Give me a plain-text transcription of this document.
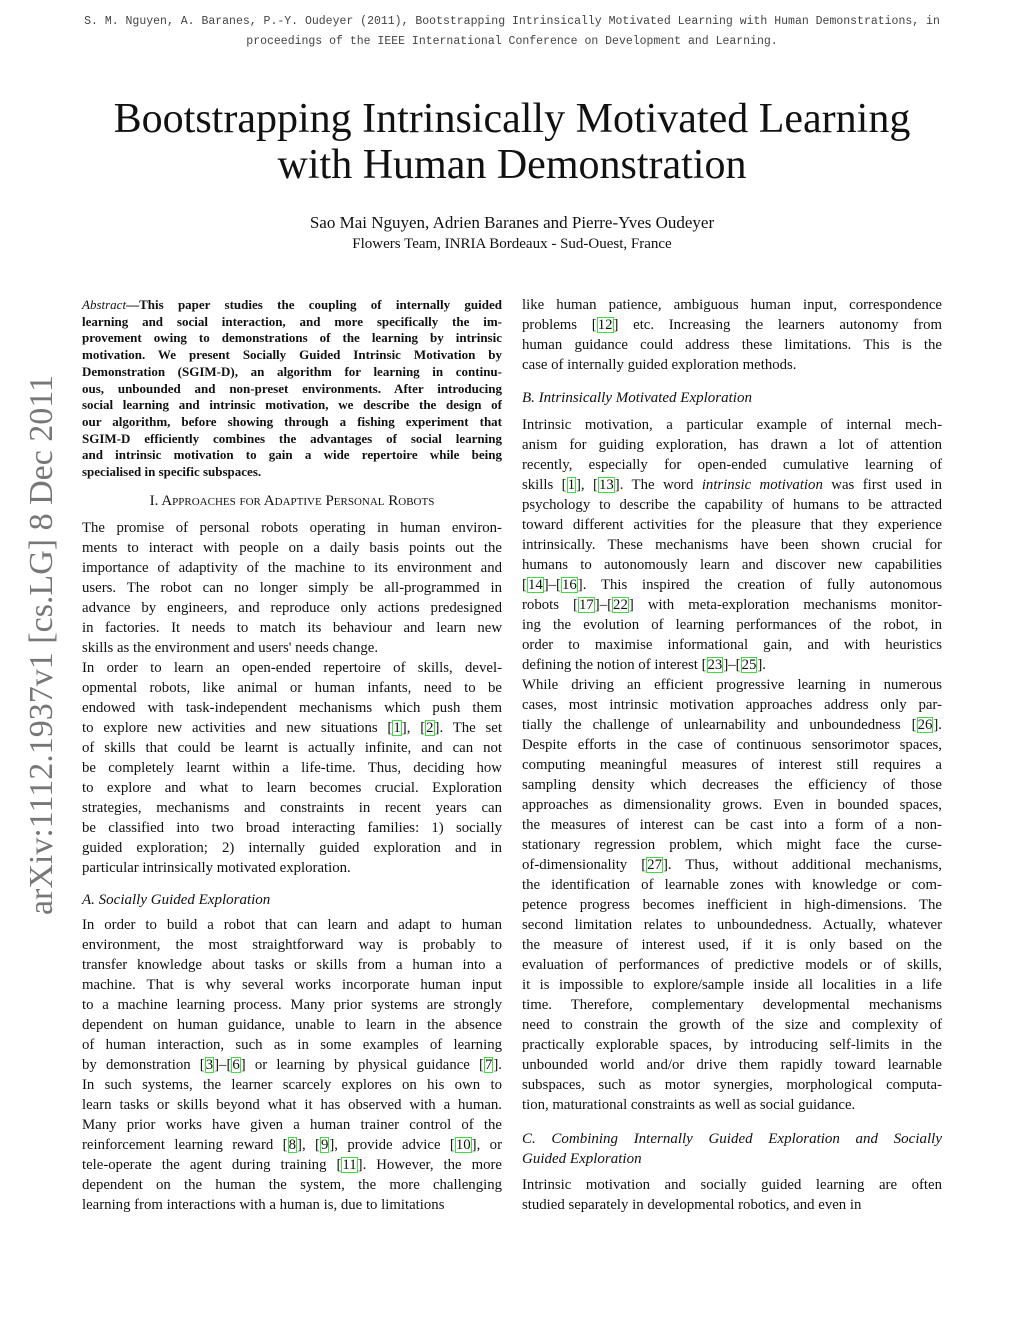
S. M. Nguyen, A. Baranes, P.-Y. Oudeyer (2011), Bootstrapping Intrinsically Motivated Learning with Human Demonstrations, in
proceedings of the IEEE International Conference on Development and Learning.
Bootstrapping Intrinsically Motivated Learning
with Human Demonstration
Sao Mai Nguyen, Adrien Baranes and Pierre-Yves Oudeyer
Flowers Team, INRIA Bordeaux - Sud-Ouest, France
arXiv:1112.1937v1 [cs.LG] 8 Dec 2011
Abstract—This paper studies the coupling of internally guided
learning and social interaction, and more specifically the im-
provement owing to demonstrations of the learning by intrinsic
motivation. We present Socially Guided Intrinsic Motivation by
Demonstration (SGIM-D), an algorithm for learning in continu-
ous, unbounded and non-preset environments. After introducing
social learning and intrinsic motivation, we describe the design of
our algorithm, before showing through a fishing experiment that
SGIM-D efficiently combines the advantages of social learning
and intrinsic motivation to gain a wide repertoire while being
specialised in specific subspaces.
I. Approaches for Adaptive Personal Robots
The promise of personal robots operating in human environ-
ments to interact with people on a daily basis points out the
importance of adaptivity of the machine to its environment and
users. The robot can no longer simply be all-programmed in
advance by engineers, and reproduce only actions predesigned
in factories. It needs to match its behaviour and learn new
skills as the environment and users' needs change.
In order to learn an open-ended repertoire of skills, devel-
opmental robots, like animal or human infants, need to be
endowed with task-independent mechanisms which push them
to explore new activities and new situations [1], [2]. The set
of skills that could be learnt is actually infinite, and can not
be completely learnt within a life-time. Thus, deciding how
to explore and what to learn becomes crucial. Exploration
strategies, mechanisms and constraints in recent years can
be classified into two broad interacting families: 1) socially
guided exploration; 2) internally guided exploration and in
particular intrinsically motivated exploration.
A. Socially Guided Exploration
In order to build a robot that can learn and adapt to human
environment, the most straightforward way is probably to
transfer knowledge about tasks or skills from a human into a
machine. That is why several works incorporate human input
to a machine learning process. Many prior systems are strongly
dependent on human guidance, unable to learn in the absence
of human interaction, such as in some examples of learning
by demonstration [3]–[6] or learning by physical guidance [7].
In such systems, the learner scarcely explores on his own to
learn tasks or skills beyond what it has observed with a human.
Many prior works have given a human trainer control of the
reinforcement learning reward [8], [9], provide advice [10], or
tele-operate the agent during training [11]. However, the more
dependent on the human the system, the more challenging
learning from interactions with a human is, due to limitations
like human patience, ambiguous human input, correspondence
problems [12] etc. Increasing the learners autonomy from
human guidance could address these limitations. This is the
case of internally guided exploration methods.
B. Intrinsically Motivated Exploration
Intrinsic motivation, a particular example of internal mech-
anism for guiding exploration, has drawn a lot of attention
recently, especially for open-ended cumulative learning of
skills [1], [13]. The word intrinsic motivation was first used in
psychology to describe the capability of humans to be attracted
toward different activities for the pleasure that they experience
intrinsically. These mechanisms have been shown crucial for
humans to autonomously learn and discover new capabilities
[14]–[16]. This inspired the creation of fully autonomous
robots [17]–[22] with meta-exploration mechanisms monitor-
ing the evolution of learning performances of the robot, in
order to maximise informational gain, and with heuristics
defining the notion of interest [23]–[25].
While driving an efficient progressive learning in numerous
cases, most intrinsic motivation approaches address only par-
tially the challenge of unlearnability and unboundedness [26].
Despite efforts in the case of continuous sensorimotor spaces,
computing meaningful measures of interest still requires a
sampling density which decreases the efficiency of those
approaches as dimensionality grows. Even in bounded spaces,
the measures of interest can be cast into a form of a non-
stationary regression problem, which might face the curse-
of-dimensionality [27]. Thus, without additional mechanisms,
the identification of learnable zones with knowledge or com-
petence progress becomes inefficient in high-dimensions. The
second limitation relates to unboundedness. Actually, whatever
the measure of interest used, if it is only based on the
evaluation of performances of predictive models or of skills,
it is impossible to explore/sample inside all localities in a life
time. Therefore, complementary developmental mechanisms
need to constrain the growth of the size and complexity of
practically explorable spaces, by introducing self-limits in the
unbounded world and/or drive them rapidly toward learnable
subspaces, such as motor synergies, morphological computa-
tion, maturational constraints as well as social guidance.
C. Combining Internally Guided Exploration and Socially
Guided Exploration
Intrinsic motivation and socially guided learning are often
studied separately in developmental robotics, and even in
